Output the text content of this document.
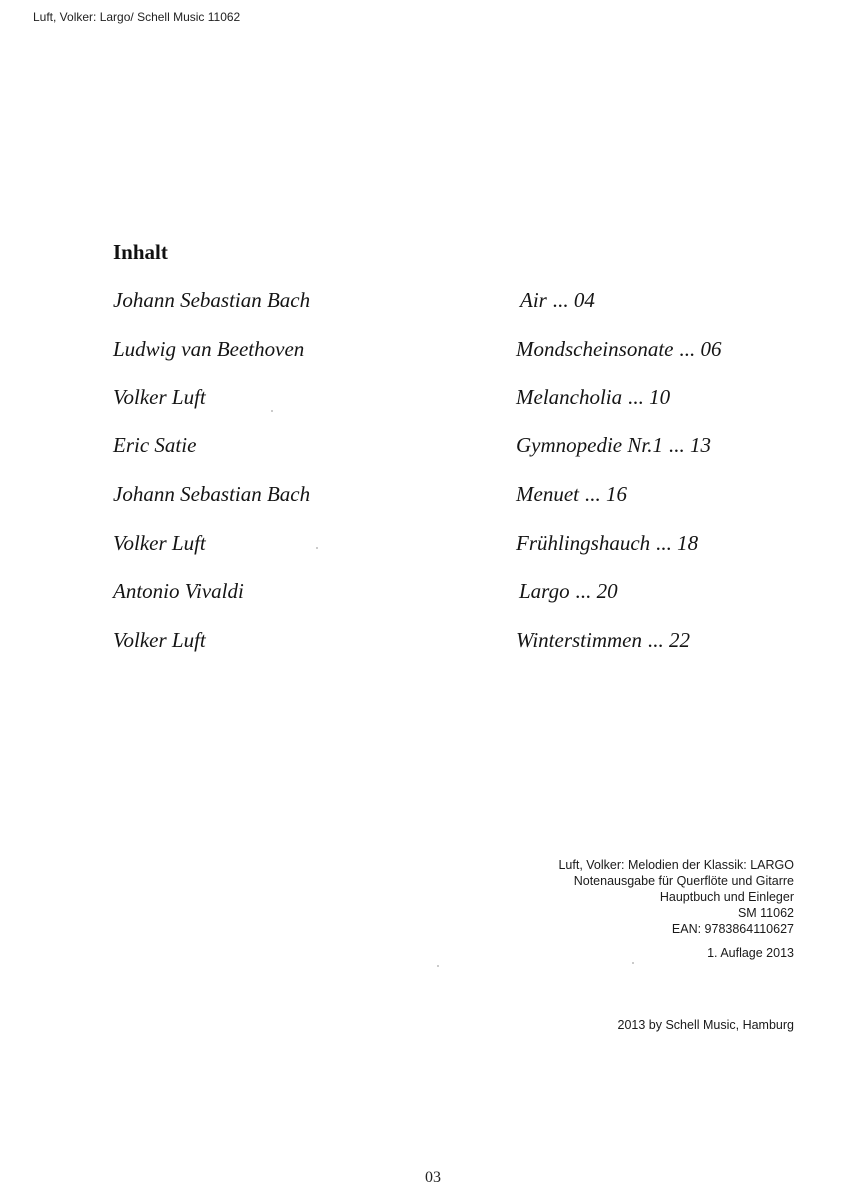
Luft, Volker: Largo/ Schell Music 11062
Inhalt
Johann Sebastian Bach	Air ... 04
Ludwig van Beethoven	Mondscheinsonate ... 06
Volker Luft	Melancholia ... 10
Eric Satie	Gymnopedie Nr.1 ... 13
Johann Sebastian Bach	Menuet ... 16
Volker Luft	Frühlingshauch ... 18
Antonio Vivaldi	Largo ... 20
Volker Luft	Winterstimmen ... 22
Luft, Volker: Melodien der Klassik: LARGO
Notenausgabe für Querflöte und Gitarre
Hauptbuch und Einleger
SM 11062
EAN: 9783864110627
1. Auflage 2013
2013 by Schell Music, Hamburg
03
